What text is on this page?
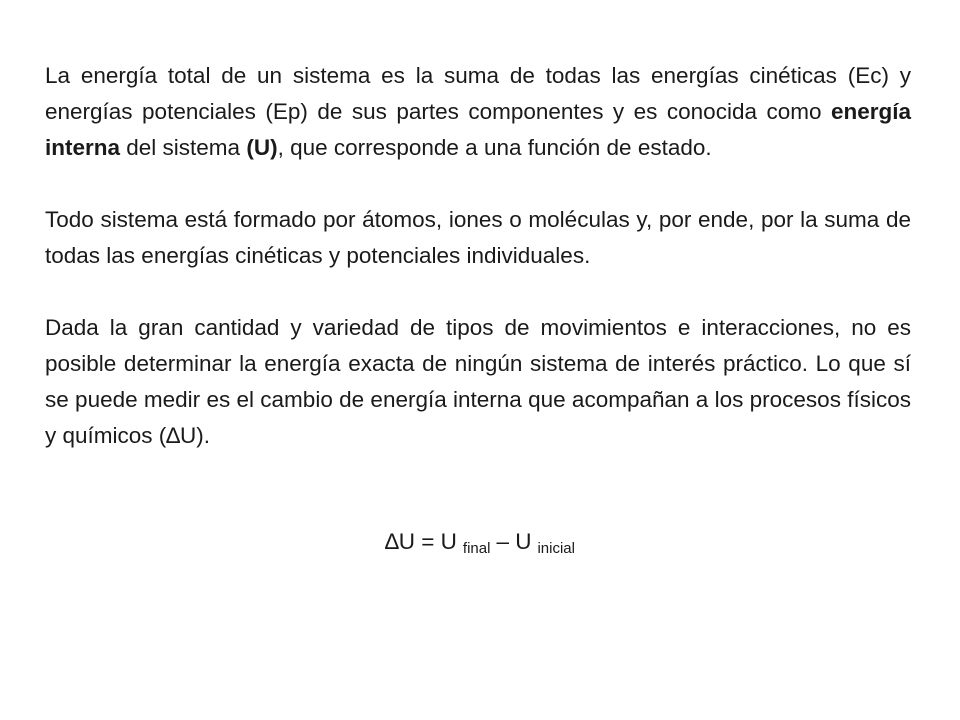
La energía total de un sistema es la suma de todas las energías cinéticas (Ec) y energías potenciales (Ep) de sus partes componentes y es conocida como energía interna del sistema (U), que corresponde a una función de estado.

Todo sistema está formado por átomos, iones o moléculas y, por ende, por la suma de todas las energías cinéticas y potenciales individuales.

Dada la gran cantidad y variedad de tipos de movimientos e interacciones, no es posible determinar la energía exacta de ningún sistema de interés práctico. Lo que sí se puede medir es el cambio de energía interna que acompañan a los procesos físicos y químicos (∆U).

∆U = U final – U inicial
